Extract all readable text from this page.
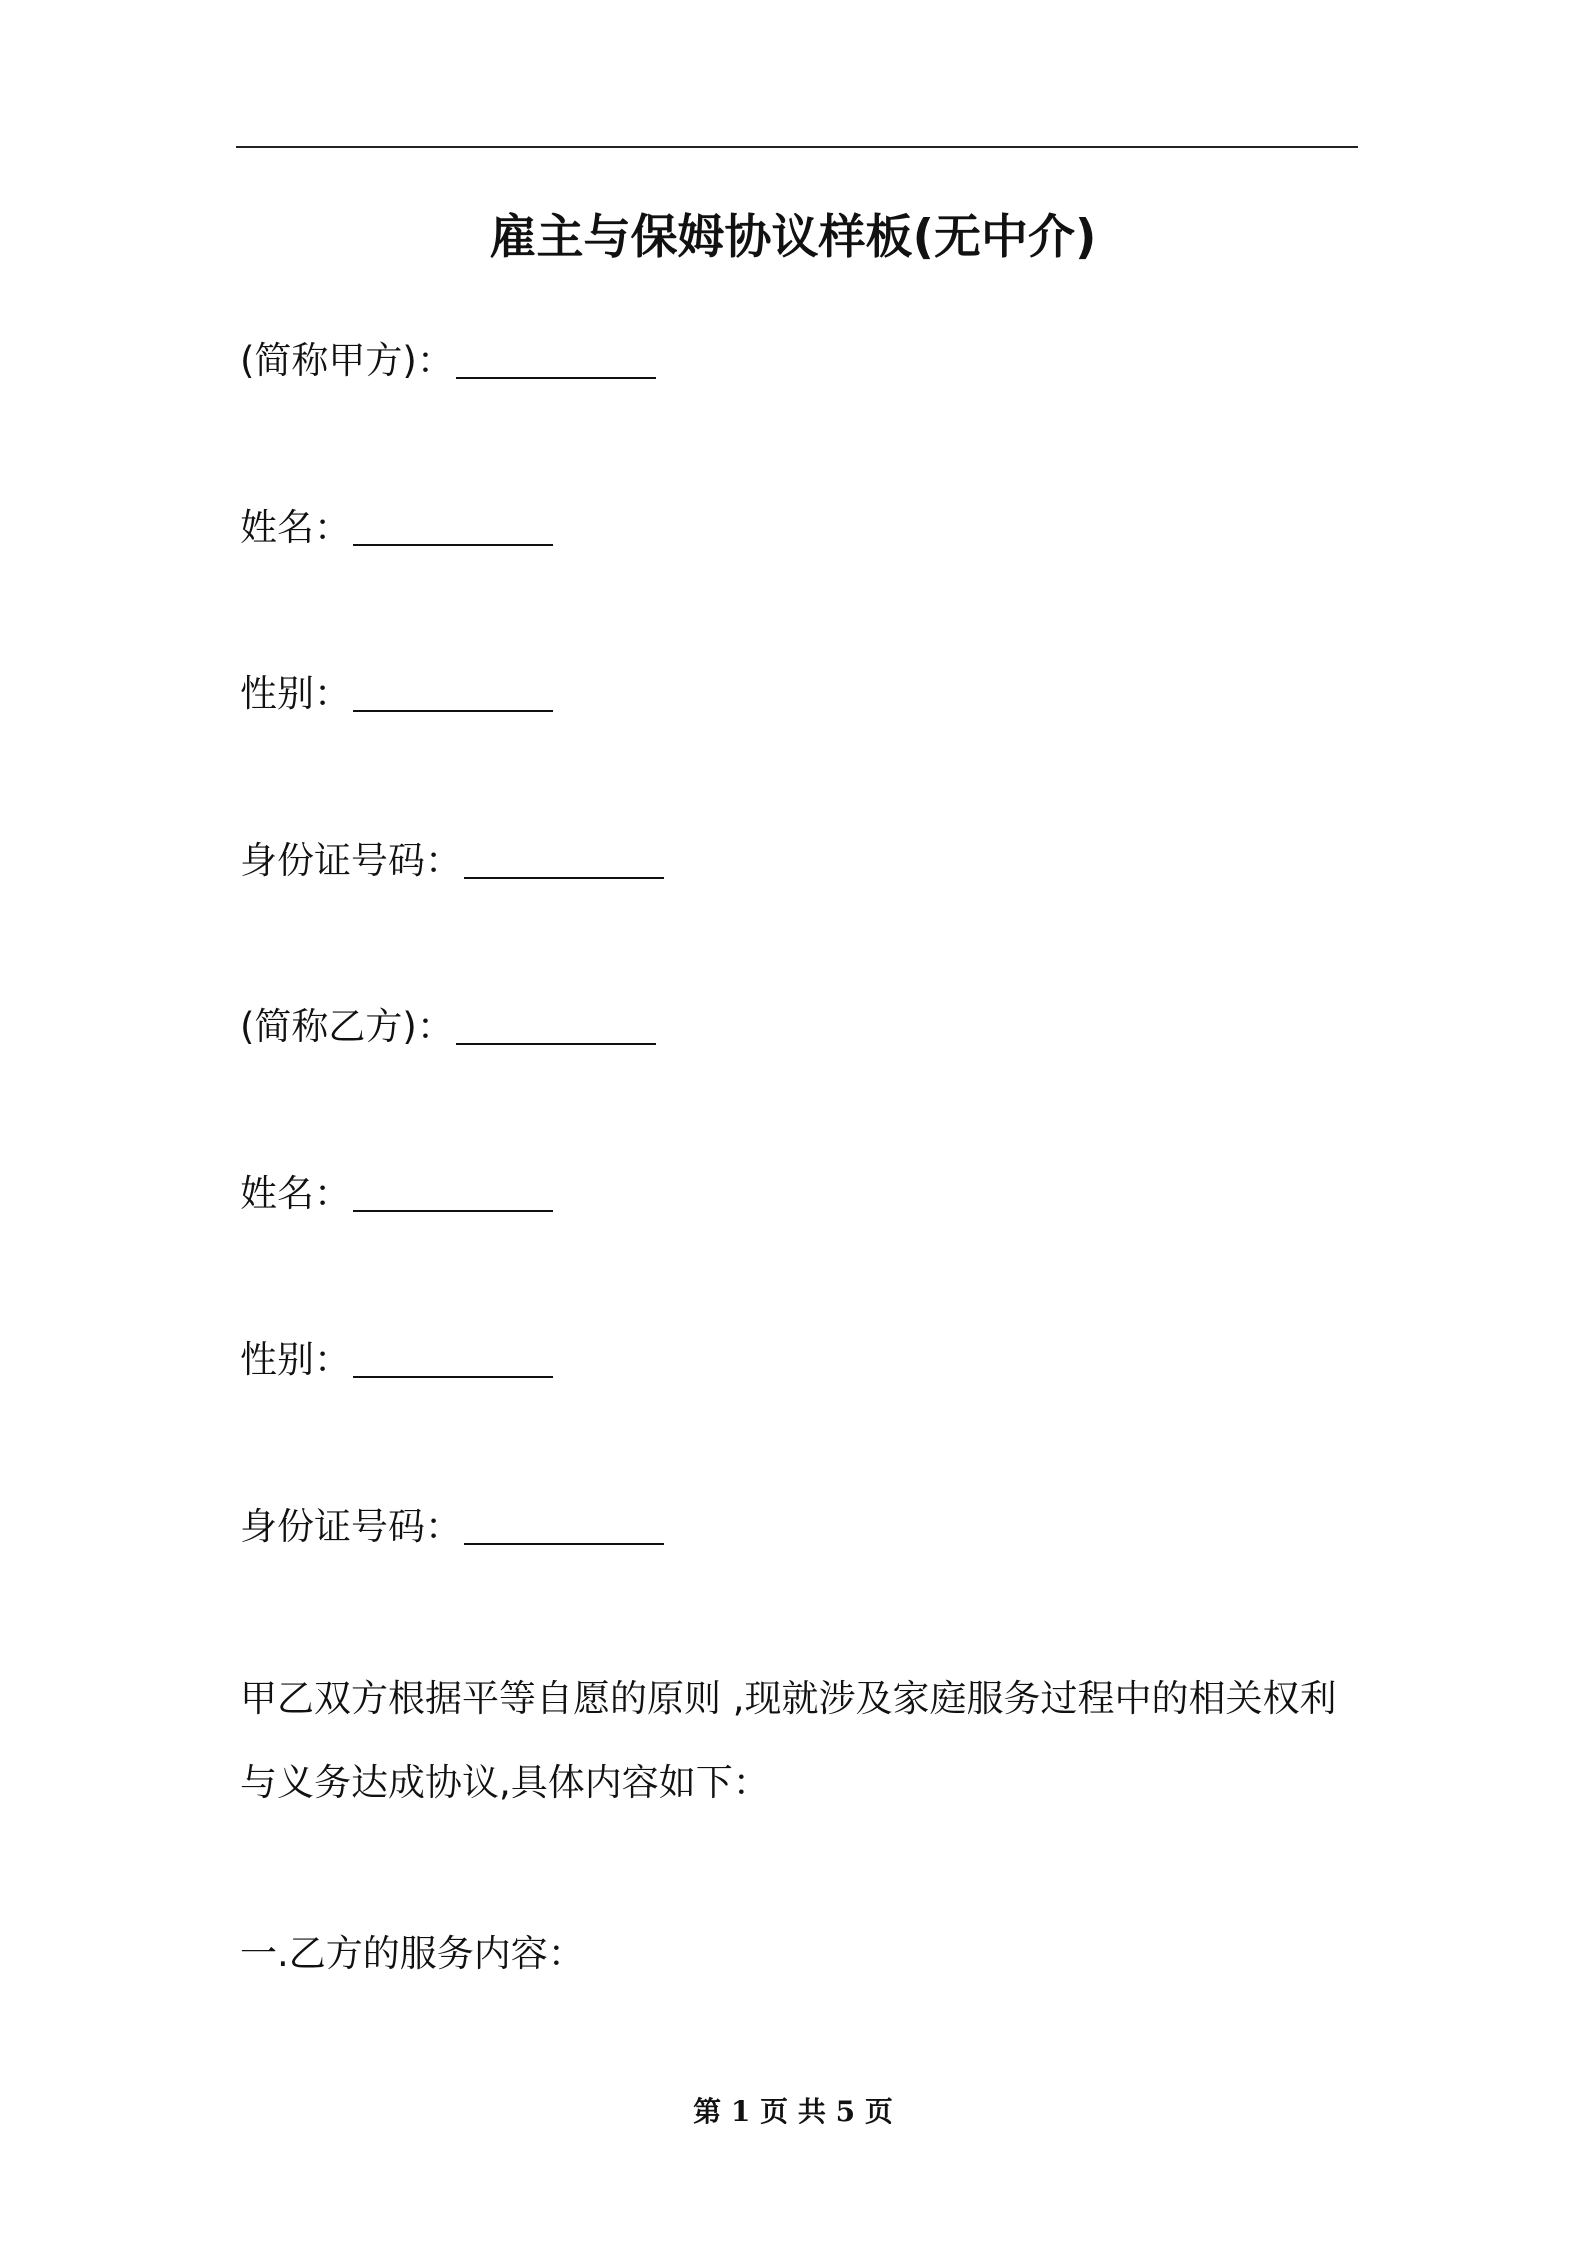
雇主与保姆协议样板(无中介)
(简称甲方)：
姓名：
性别：
身份证号码：
(简称乙方)：
姓名：
性别：
身份证号码：
甲乙双方根据平等自愿的原则 ,现就涉及家庭服务过程中的相关权利
与义务达成协议,具体内容如下：
一.乙方的服务内容：
第 1 页 共 5 页
